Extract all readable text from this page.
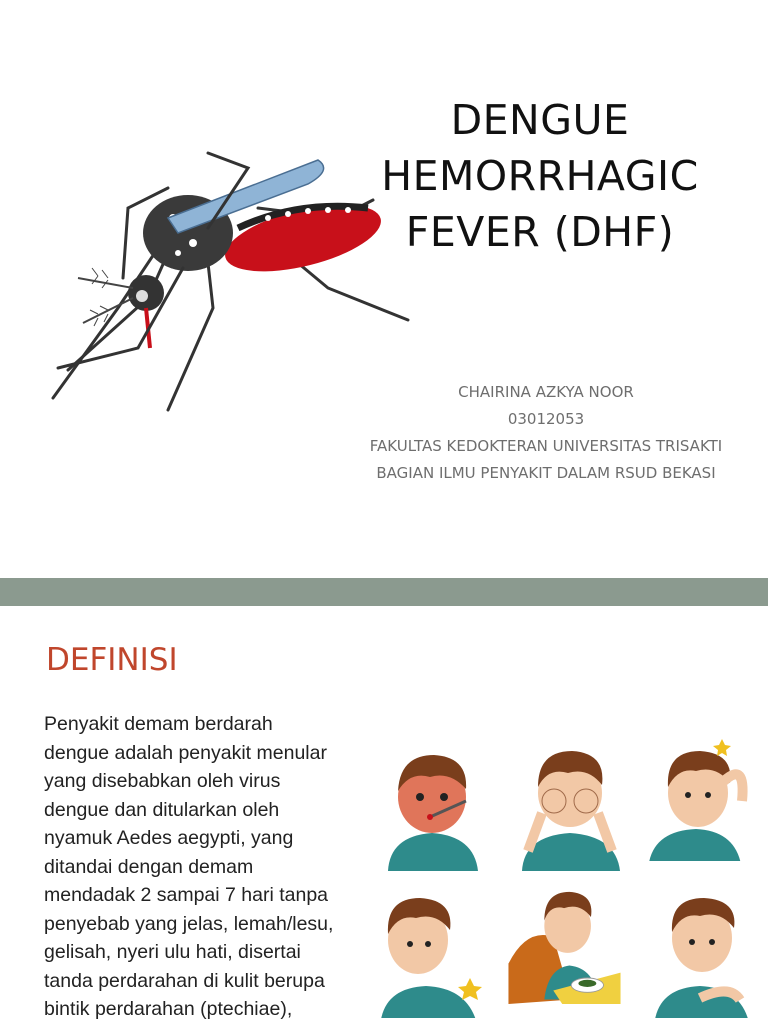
DENGUE
HEMORRHAGIC
FEVER (DHF)
CHAIRINA AZKYA NOOR
03012053
FAKULTAS KEDOKTERAN UNIVERSITAS TRISAKTI
BAGIAN ILMU PENYAKIT DALAM RSUD BEKASI
DEFINISI
Penyakit demam berdarah
dengue adalah penyakit menular
yang disebabkan oleh virus
dengue dan ditularkan oleh
nyamuk Aedes aegypti, yang
ditandai dengan demam
mendadak 2 sampai 7 hari tanpa
penyebab yang jelas, lemah/lesu,
gelisah, nyeri ulu hati, disertai
tanda perdarahan di kulit berupa
bintik perdarahan (ptechiae),
